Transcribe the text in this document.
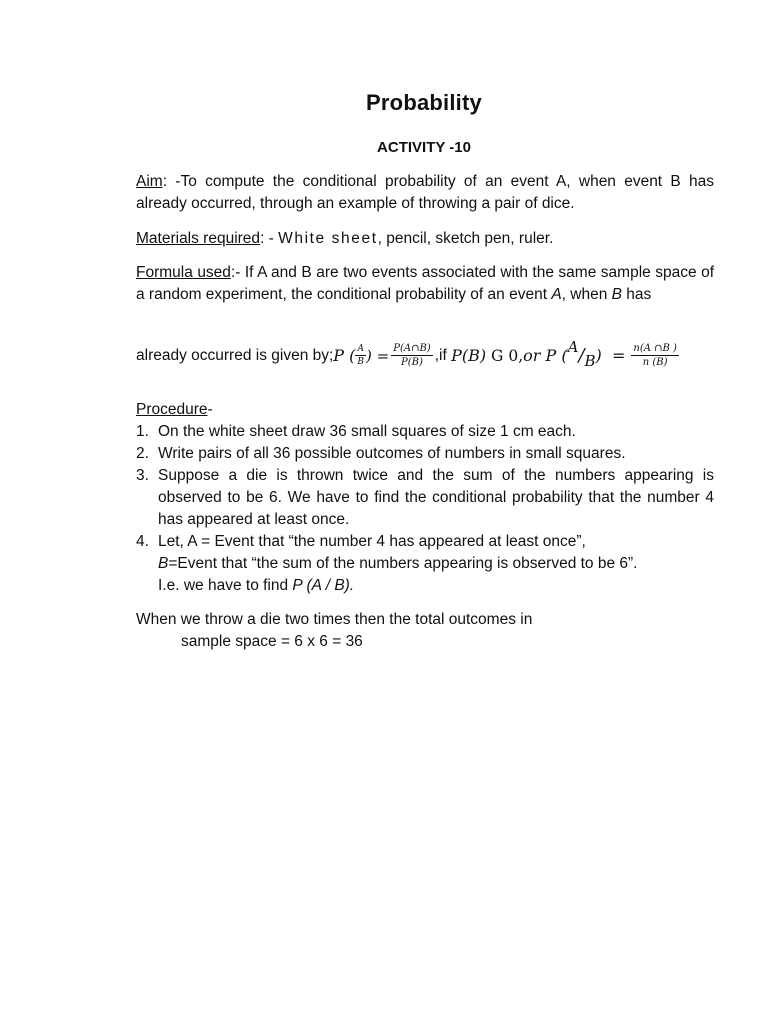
Probability
ACTIVITY -10
Aim: -To compute the conditional probability of an event A, when event B has already occurred, through an example of throwing a pair of dice.
Materials required: - White sheet, pencil, sketch pen, ruler.
Formula used:- If A and B are two events associated with the same sample space of a random experiment, the conditional probability of an event A, when B has
already occurred is given by;P ( $\frac{A}{B}$ ) = $\frac{P(A\cap B)}{P(B)} ,if$ P(B) G 0,or P $(A/B) = \frac{n(A \cap B )}{n (B)}$
Procedure-
1. On the white sheet draw 36 small squares of size 1 cm each.
2. Write pairs of all 36 possible outcomes of numbers in small squares.
3. Suppose a die is thrown twice and the sum of the numbers appearing is observed to be 6. We have to find the conditional probability that the number 4 has appeared at least once.
4. Let, A = Event that “the number 4 has appeared at least once”,
B=Event that “the sum of the numbers appearing is observed to be 6”.
I.e. we have to find P (A / B).
When we throw a die two times then the total outcomes in
sample space = 6 x 6 = 36
